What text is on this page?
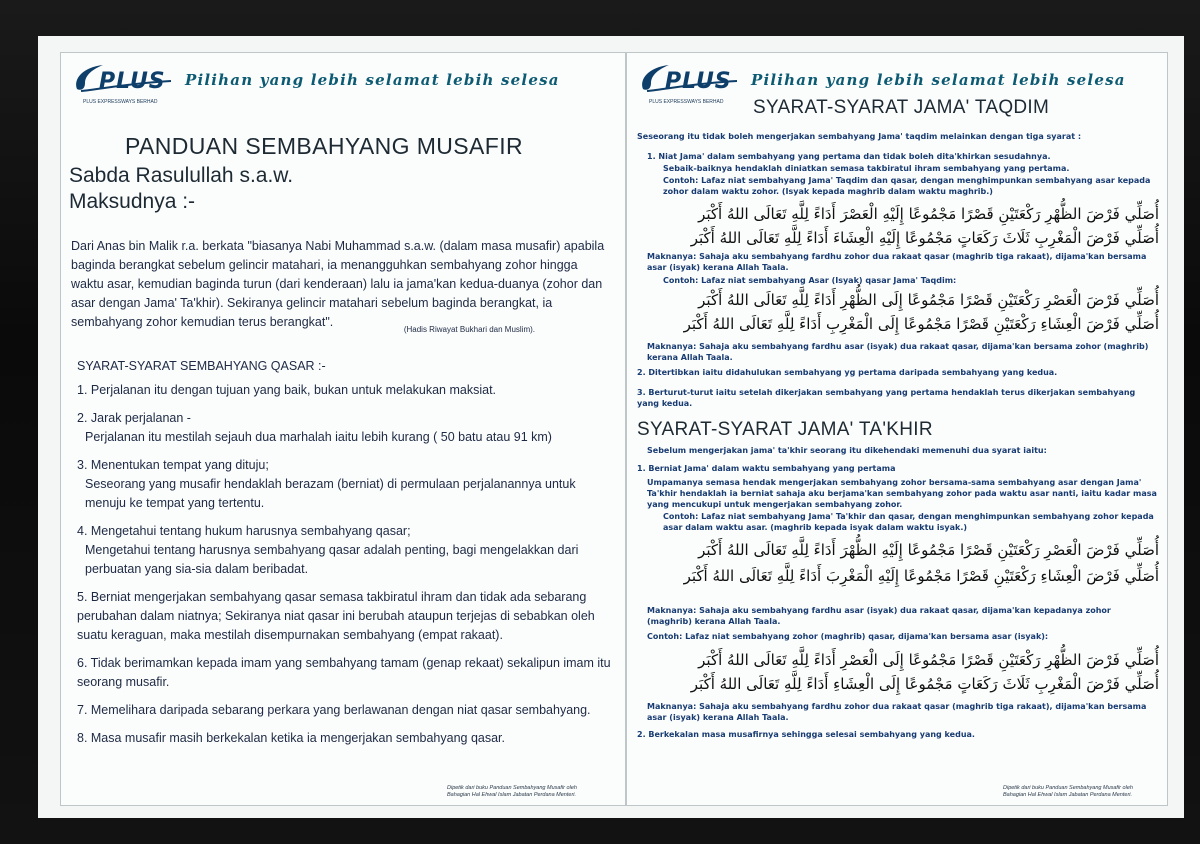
PLUS
PLUS EXPRESSWAYS BERHAD
Pilihan yang lebih selamat lebih selesa
PANDUAN SEMBAHYANG MUSAFIR
Sabda Rasulullah s.a.w.
Maksudnya :-
Dari Anas bin Malik r.a. berkata "biasanya Nabi Muhammad s.a.w. (dalam masa musafir) apabila baginda berangkat sebelum gelincir matahari, ia menangguhkan sembahyang zohor hingga waktu asar, kemudian baginda turun (dari kenderaan) lalu ia jama'kan kedua-duanya (zohor dan asar dengan Jama' Ta'khir). Sekiranya gelincir matahari sebelum baginda berangkat, ia sembahyang zohor kemudian terus berangkat".
(Hadis Riwayat Bukhari dan Muslim).
SYARAT-SYARAT SEMBAHYANG QASAR :-
1. Perjalanan itu dengan tujuan yang baik, bukan untuk melakukan maksiat.
2. Jarak perjalanan -
Perjalanan itu mestilah sejauh dua marhalah iaitu lebih kurang ( 50 batu atau 91 km)
3. Menentukan tempat yang dituju;
Seseorang yang musafir hendaklah berazam (berniat) di permulaan perjalanannya untuk menuju ke tempat yang tertentu.
4. Mengetahui tentang hukum harusnya sembahyang qasar;
Mengetahui tentang harusnya sembahyang qasar adalah penting, bagi mengelakkan dari perbuatan yang sia-sia dalam beribadat.
5. Berniat mengerjakan sembahyang qasar semasa takbiratul ihram dan tidak ada sebarang perubahan dalam niatnya; Sekiranya niat qasar ini berubah ataupun terjejas di sebabkan oleh suatu keraguan, maka mestilah disempurnakan sembahyang (empat rakaat).
6. Tidak berimamkan kepada imam yang sembahyang tamam (genap rekaat) sekalipun imam itu seorang musafir.
7. Memelihara daripada sebarang perkara yang berlawanan dengan niat qasar sembahyang.
8. Masa musafir masih berkekalan ketika ia mengerjakan sembahyang qasar.
Dipetik dari buku Panduan Sembahyang Musafir oleh Bahagian Hal Ehwal Islam Jabatan Perdana Menteri.
PLUS
PLUS EXPRESSWAYS BERHAD
Pilihan yang lebih selamat lebih selesa
SYARAT-SYARAT JAMA' TAQDIM
Seseorang itu tidak boleh mengerjakan sembahyang Jama' taqdim melainkan dengan tiga syarat :
1. Niat Jama' dalam sembahyang yang pertama dan tidak boleh dita'khirkan sesudahnya.
Sebaik-baiknya hendaklah diniatkan semasa takbiratul ihram sembahyang yang pertama.
Contoh: Lafaz niat sembahyang Jama' Taqdim dan qasar, dengan menghimpunkan sembahyang asar kepada zohor dalam waktu zohor. (Isyak kepada maghrib dalam waktu maghrib.)
أُصَلِّي فَرْضَ الظُّهْرِ رَكْعَتَيْنِ قَصْرًا مَجْمُوعًا إِلَيْهِ الْعَصْرَ أَدَاءً لِلَّهِ تَعَالَى اللهُ أَكْبَر
أُصَلِّي فَرْضَ الْمَغْرِبِ ثَلَاثَ رَكَعَاتٍ مَجْمُوعًا إِلَيْهِ الْعِشَاءَ أَدَاءً لِلَّهِ تَعَالَى اللهُ أَكْبَر
Maknanya: Sahaja aku sembahyang fardhu zohor dua rakaat qasar (maghrib tiga rakaat), dijama'kan bersama asar (isyak) kerana Allah Taala.
Contoh: Lafaz niat sembahyang Asar (Isyak) qasar Jama' Taqdim:
أُصَلِّي فَرْضَ الْعَصْرِ رَكْعَتَيْنِ قَصْرًا مَجْمُوعًا إِلَى الظُّهْرِ أَدَاءً لِلَّهِ تَعَالَى اللهُ أَكْبَر
أُصَلِّي فَرْضَ الْعِشَاءِ رَكْعَتَيْنِ قَصْرًا مَجْمُوعًا إِلَى الْمَغْرِبِ أَدَاءً لِلَّهِ تَعَالَى اللهُ أَكْبَر
Maknanya: Sahaja aku sembahyang fardhu asar (isyak) dua rakaat qasar, dijama'kan bersama zohor (maghrib) kerana Allah Taala.
2. Ditertibkan iaitu didahulukan sembahyang yg pertama daripada sembahyang yang kedua.
3. Berturut-turut iaitu setelah dikerjakan sembahyang yang pertama hendaklah terus dikerjakan sembahyang yang kedua.
SYARAT-SYARAT JAMA' TA'KHIR
Sebelum mengerjakan jama' ta'khir seorang itu dikehendaki memenuhi dua syarat iaitu:
1. Berniat Jama' dalam waktu sembahyang yang pertama
Umpamanya semasa hendak mengerjakan sembahyang zohor bersama-sama sembahyang asar dengan Jama' Ta'khir hendaklah ia berniat sahaja aku berjama'kan sembahyang zohor pada waktu asar nanti, iaitu kadar masa yang mencukupi untuk mengerjakan sembahyang zohor.
Contoh: Lafaz niat sembahyang Jama' Ta'khir dan qasar, dengan menghimpunkan sembahyang zohor kepada asar dalam waktu asar. (maghrib kepada isyak dalam waktu isyak.)
أُصَلِّي فَرْضَ الْعَصْرِ رَكْعَتَيْنِ قَصْرًا مَجْمُوعًا إِلَيْهِ الظُّهْرَ أَدَاءً لِلَّهِ تَعَالَى اللهُ أَكْبَر
أُصَلِّي فَرْضَ الْعِشَاءِ رَكْعَتَيْنِ قَصْرًا مَجْمُوعًا إِلَيْهِ الْمَغْرِبَ أَدَاءً لِلَّهِ تَعَالَى اللهُ أَكْبَر
Maknanya: Sahaja aku sembahyang fardhu asar (isyak) dua rakaat qasar, dijama'kan kepadanya zohor (maghrib) kerana Allah Taala.
Contoh: Lafaz niat sembahyang zohor (maghrib) qasar, dijama'kan bersama asar (isyak):
أُصَلِّي فَرْضَ الظُّهْرِ رَكْعَتَيْنِ قَصْرًا مَجْمُوعًا إِلَى الْعَصْرِ أَدَاءً لِلَّهِ تَعَالَى اللهُ أَكْبَر
أُصَلِّي فَرْضَ الْمَغْرِبِ ثَلَاثَ رَكَعَاتٍ مَجْمُوعًا إِلَى الْعِشَاءِ أَدَاءً لِلَّهِ تَعَالَى اللهُ أَكْبَر
Maknanya: Sahaja aku sembahyang fardhu zohor dua rakaat qasar (maghrib tiga rakaat), dijama'kan bersama asar (isyak) kerana Allah Taala.
2. Berkekalan masa musafirnya sehingga selesai sembahyang yang kedua.
Dipetik dari buku Panduan Sembahyang Musafir oleh Bahagian Hal Ehwal Islam Jabatan Perdana Menteri.
